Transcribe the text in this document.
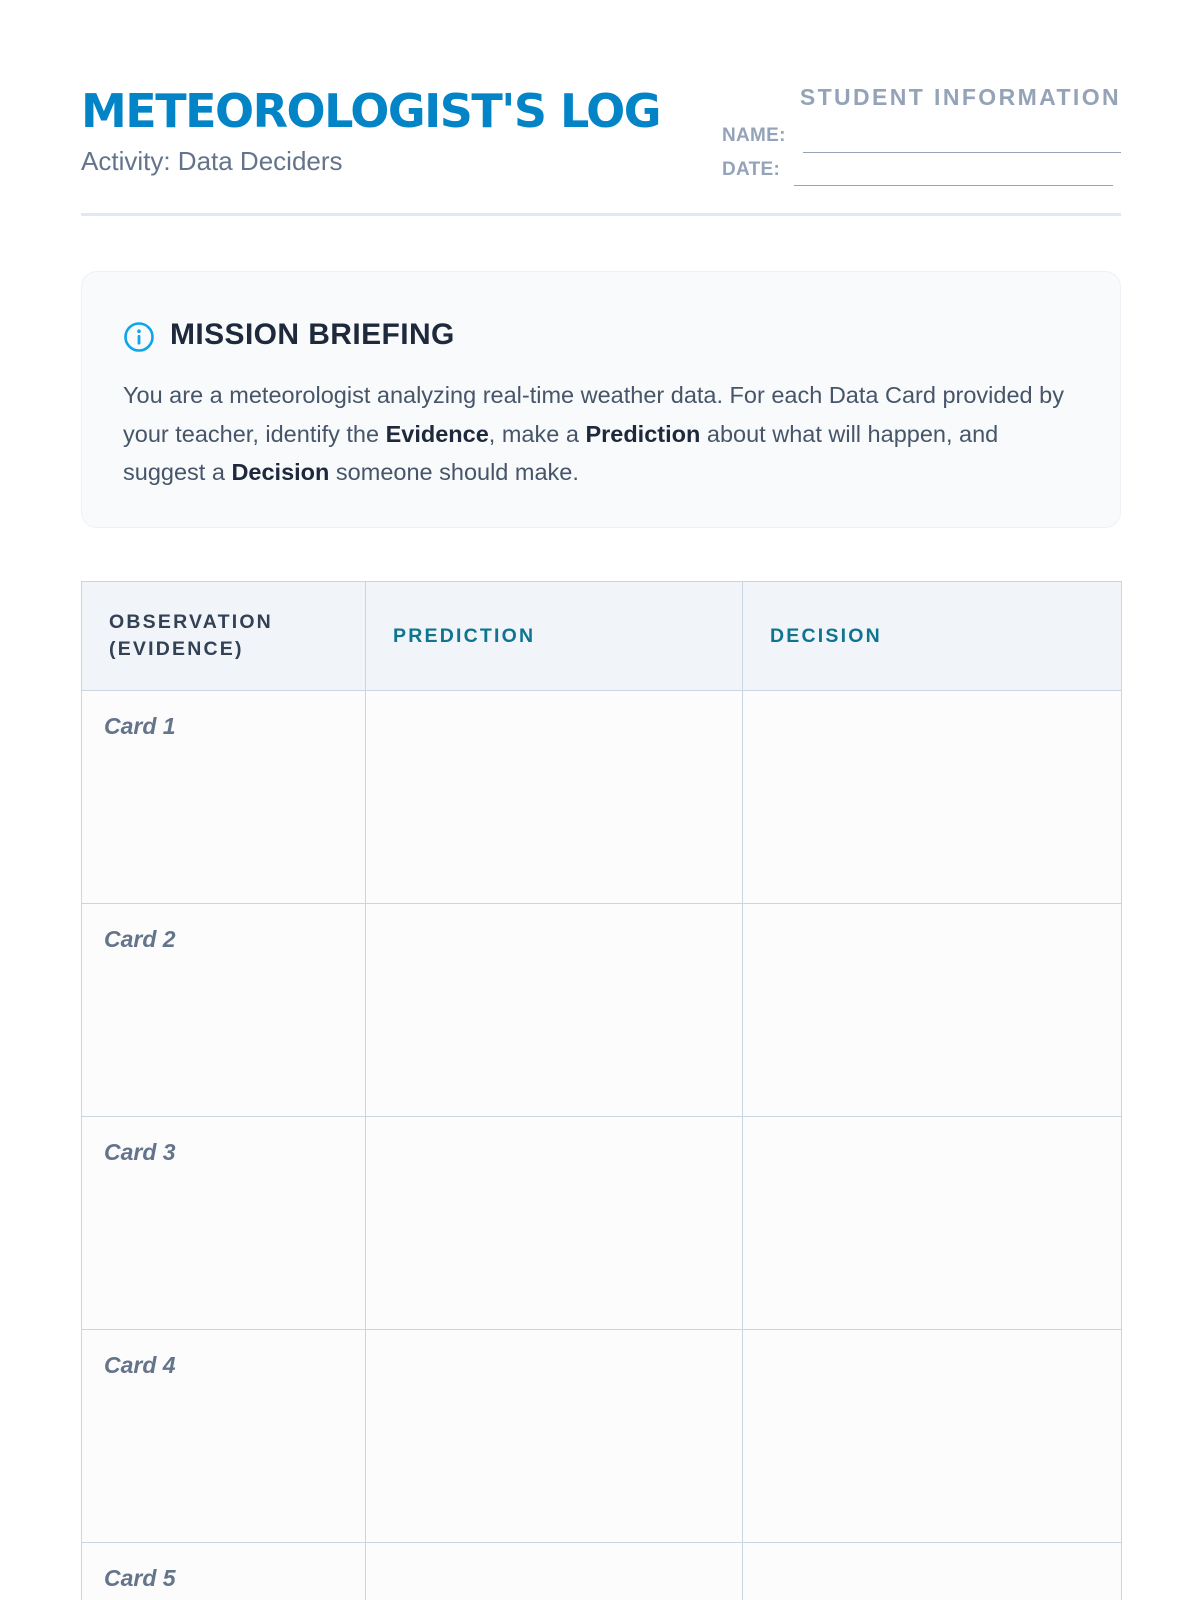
METEOROLOGIST'S LOG
Activity: Data Deciders
STUDENT INFORMATION
NAME:
DATE:
MISSION BRIEFING
You are a meteorologist analyzing real-time weather data. For each Data Card provided by your teacher, identify the Evidence, make a Prediction about what will happen, and suggest a Decision someone should make.
OBSERVATION (EVIDENCE)	PREDICTION	DECISION

Card 1		

Card 2		

Card 3		

Card 4		

Card 5		
